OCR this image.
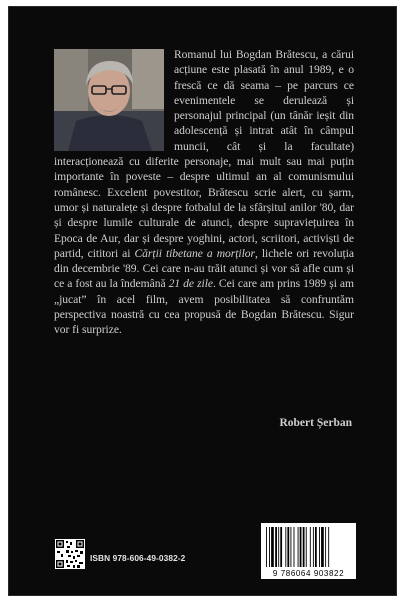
Romanul lui Bogdan Brătescu, a cărui acțiune este plasată în anul 1989, e o frescă ce dă seama – pe parcurs ce evenimentele se derulează și personajul principal (un tânăr ieșit din adolescență și intrat atât în câmpul muncii, cât și la facultate) interacționează cu diferite personaje, mai mult sau mai puțin importante în poveste – despre ultimul an al comunismului românesc. Excelent povestitor, Brătescu scrie alert, cu șarm, umor și naturalețe și despre fotbalul de la sfârșitul anilor '80, dar și despre lumile culturale de atunci, despre supraviețuirea în Epoca de Aur, dar și despre yoghini, actori, scriitori, activiști de partid, cititori ai Cărții tibetane a morților, lichele ori revoluția din decembrie '89. Cei care n-au trăit atunci și vor să afle cum și ce a fost au la îndemână 21 de zile. Cei care am prins 1989 și am „jucat” în acel film, avem posibilitatea să confruntăm perspectiva noastră cu cea propusă de Bogdan Brătescu. Sigur vor fi surprize.
Robert Șerban
ISBN 978-606-49-0382-2
9 786064 903822
